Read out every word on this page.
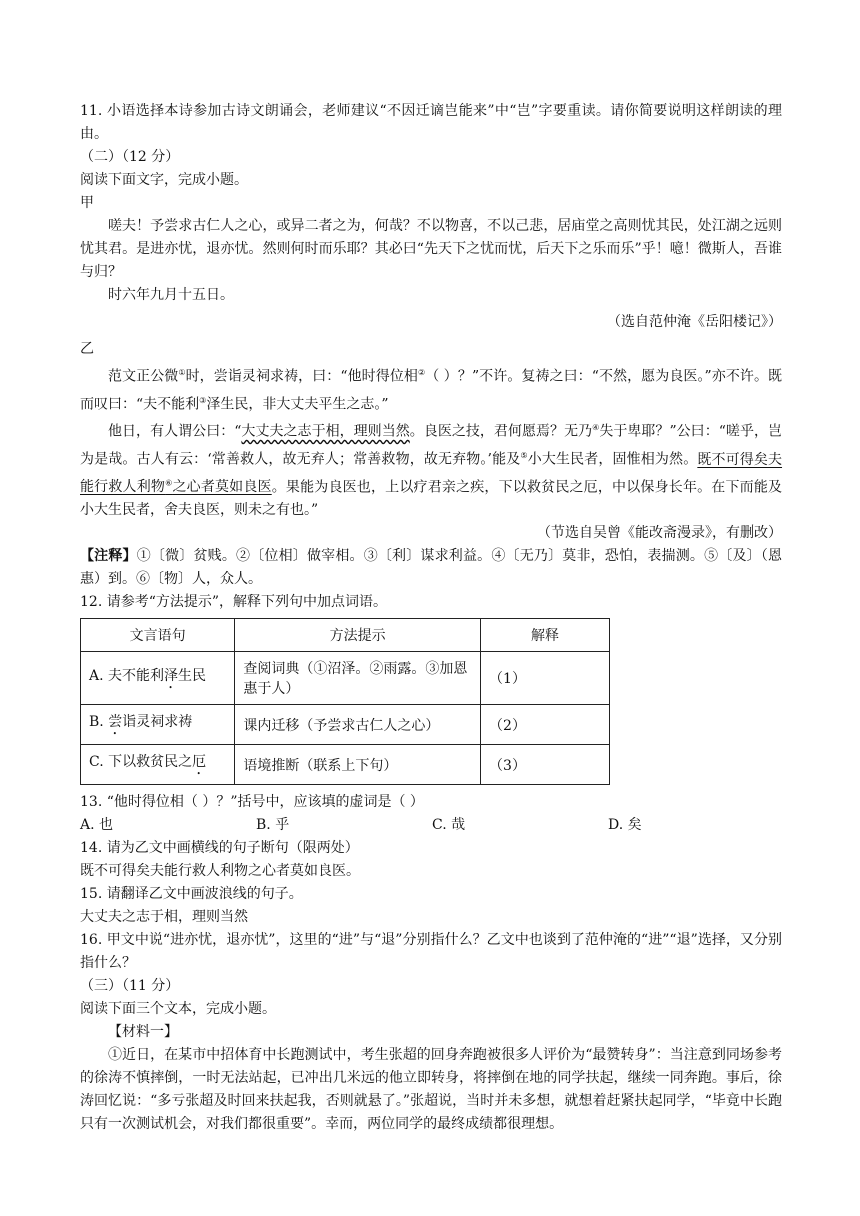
11. 小语选择本诗参加古诗文朗诵会，老师建议“不因迁谪岂能来”中“岂”字要重读。请你简要说明这样朗读的理由。

（二）（12 分）

阅读下面文字，完成小题。

甲

嗟夫！予尝求古仁人之心，或异二者之为，何哉？不以物喜，不以己悲，居庙堂之高则忧其民，处江湖之远则忧其君。是进亦忧，退亦忧。然则何时而乐耶？其必曰“先天下之忧而忧，后天下之乐而乐”乎！噫！微斯人，吾谁与归？

时六年九月十五日。

（选自范仲淹《岳阳楼记》）

乙

范文正公微①时，尝诣灵祠求祷，曰：“他时得位相②（ ）？”不许。复祷之曰：“不然，愿为良医。”亦不许。既而叹曰：“夫不能利③泽生民，非大丈夫平生之志。”

他日，有人谓公曰：“大丈夫之志于相，理则当然。良医之技，君何愿焉？无乃④失于卑耶？”公曰：“嗟乎，岂为是哉。古人有云：‘常善救人，故无弃人；常善救物，故无弃物。’能及⑤小大生民者，固惟相为然。既不可得矣夫能行救人利物⑥之心者莫如良医。果能为良医也，上以疗君亲之疾，下以救贫民之厄，中以保身长年。在下而能及小大生民者，舍夫良医，则未之有也。”

（节选自吴曾《能改斋漫录》，有删改）

【注释】①〔微〕贫贱。②〔位相〕做宰相。③〔利〕谋求利益。④〔无乃〕莫非，恐怕，表揣测。⑤〔及〕（恩惠）到。⑥〔物〕人，众人。

12. 请参考“方法提示”，解释下列句中加点词语。

文言语句	方法提示	解释
A. 夫不能利泽生民	查阅词典（①沼泽。②雨露。③加恩惠于人）	（1）
B. 尝诣灵祠求祷	课内迁移（予尝求古仁人之心）	（2）
C. 下以救贫民之厄	语境推断（联系上下句）	（3）

13. “他时得位相（ ）？”括号中，应该填的虚词是（ ）

A. 也	B. 乎	C. 哉	D. 矣

14. 请为乙文中画横线的句子断句（限两处）

既不可得矣夫能行救人利物之心者莫如良医。

15. 请翻译乙文中画波浪线的句子。

大丈夫之志于相，理则当然

16. 甲文中说“进亦忧，退亦忧”，这里的“进”与“退”分别指什么？乙文中也谈到了范仲淹的“进”“退”选择，又分别指什么？

（三）（11 分）

阅读下面三个文本，完成小题。

【材料一】

①近日，在某市中招体育中长跑测试中，考生张超的回身奔跑被很多人评价为“最赞转身”：当注意到同场参考的徐涛不慎摔倒，一时无法站起，已冲出几米远的他立即转身，将摔倒在地的同学扶起，继续一同奔跑。事后，徐涛回忆说：“多亏张超及时回来扶起我，否则就悬了。”张超说，当时并未多想，就想着赶紧扶起同学，“毕竟中长跑只有一次测试机会，对我们都很重要”。幸而，两位同学的最终成绩都很理想。
